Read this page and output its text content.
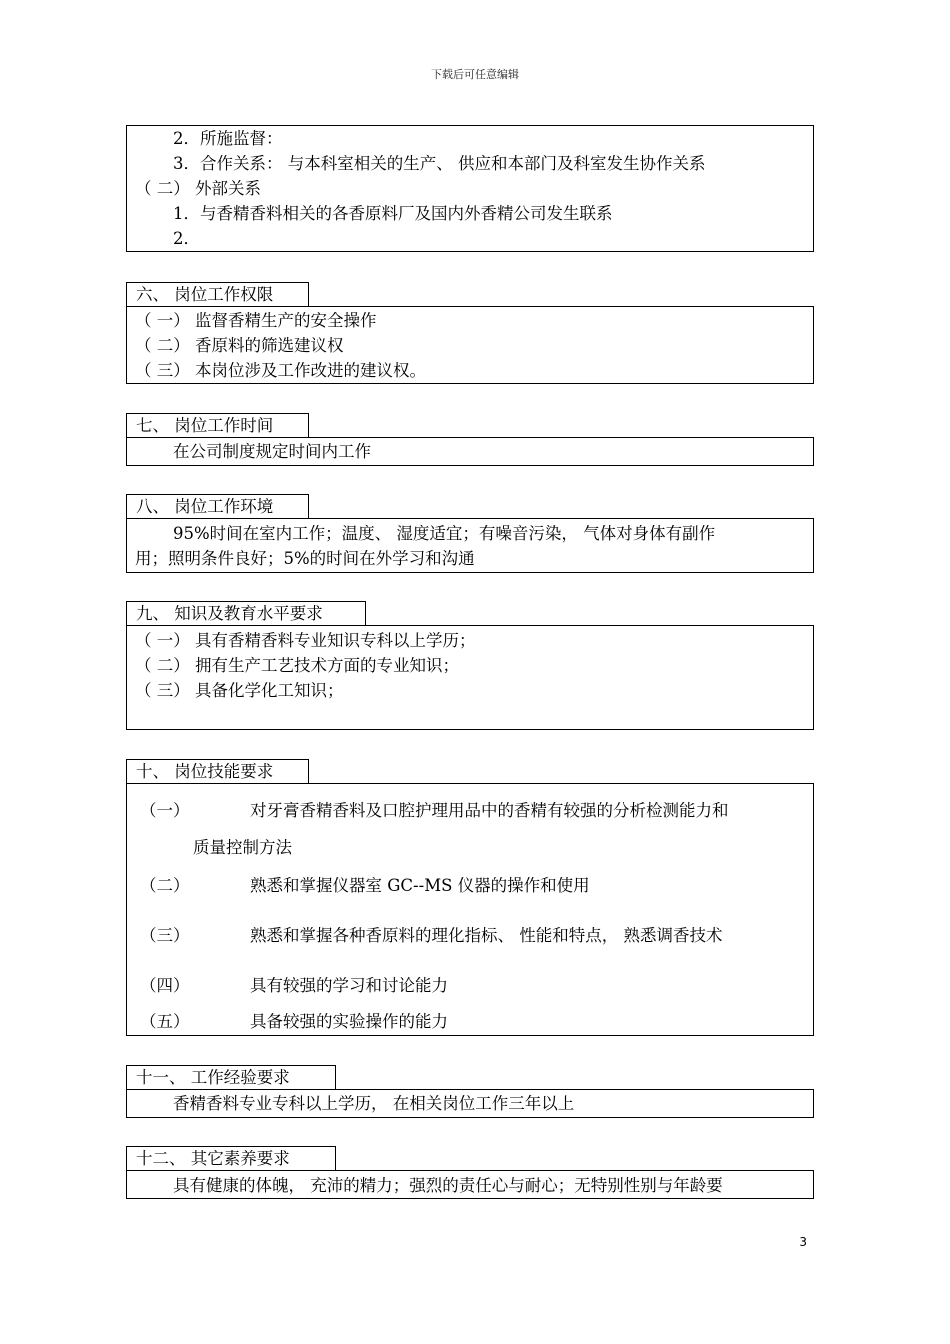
下载后可任意编辑
2．所施监督：
3．合作关系： 与本科室相关的生产、 供应和本部门及科室发生协作关系
（ 二） 外部关系
1．与香精香料相关的各香原料厂及国内外香精公司发生联系
2．
六、 岗位工作权限
（ 一） 监督香精生产的安全操作
（ 二） 香原料的筛选建议权
（ 三） 本岗位涉及工作改进的建议权。
七、 岗位工作时间
在公司制度规定时间内工作
八、 岗位工作环境
95%时间在室内工作；温度、 湿度适宜；有噪音污染， 气体对身体有副作
用；照明条件良好；5%的时间在外学习和沟通
九、 知识及教育水平要求
（ 一） 具有香精香料专业知识专科以上学历；
（ 二） 拥有生产工艺技术方面的专业知识；
（ 三） 具备化学化工知识；
十、 岗位技能要求
（一）	对牙膏香精香料及口腔护理用品中的香精有较强的分析检测能力和
质量控制方法
（二）	熟悉和掌握仪器室 GC--MS 仪器的操作和使用
（三）	熟悉和掌握各种香原料的理化指标、 性能和特点， 熟悉调香技术
（四）	具有较强的学习和讨论能力
（五）	具备较强的实验操作的能力
十一、 工作经验要求
香精香料专业专科以上学历， 在相关岗位工作三年以上
十二、 其它素养要求
具有健康的体魄， 充沛的精力；强烈的责任心与耐心；无特别性别与年龄要
3
